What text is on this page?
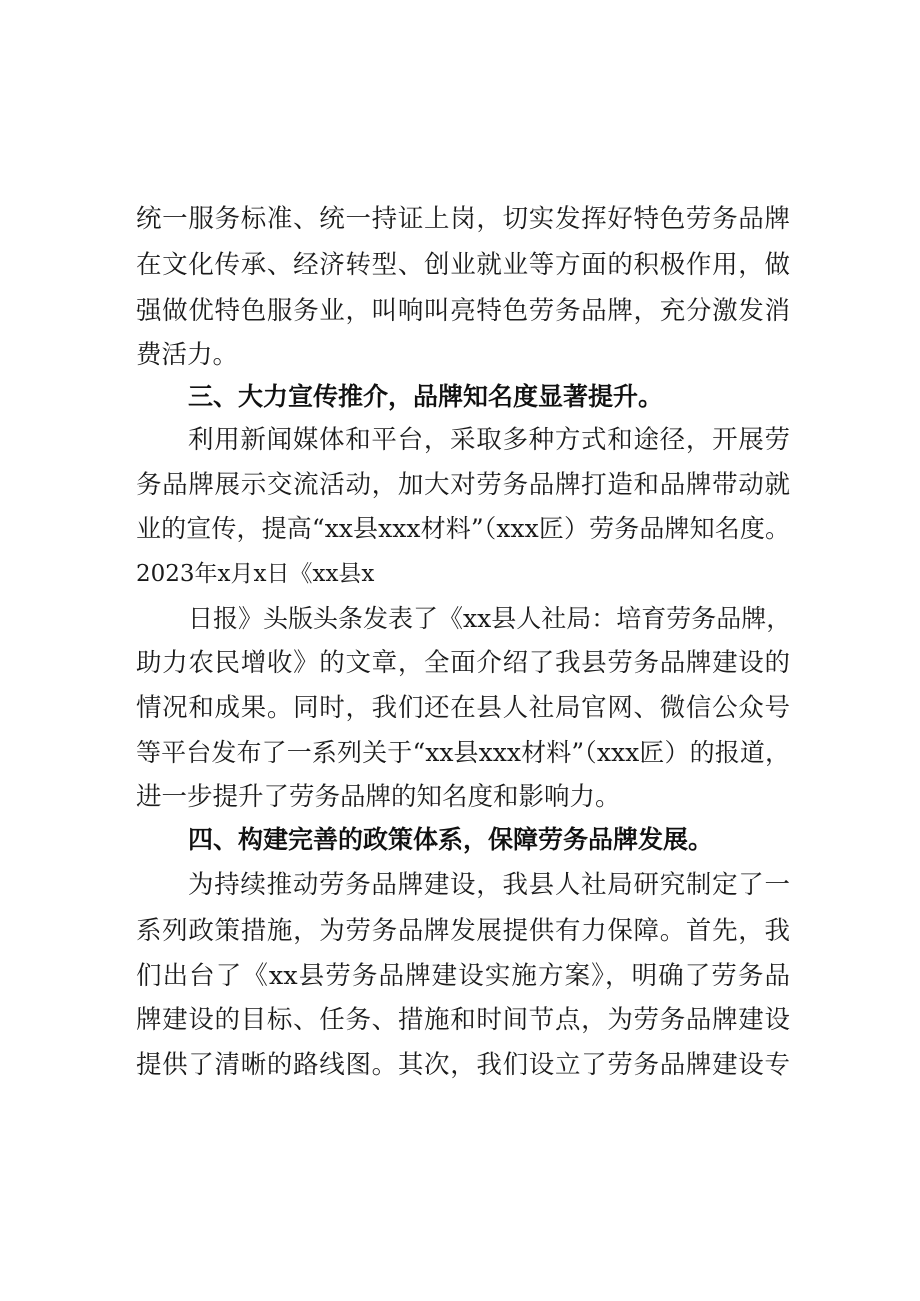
统一服务标准、统一持证上岗，切实发挥好特色劳务品牌
在文化传承、经济转型、创业就业等方面的积极作用，做
强做优特色服务业，叫响叫亮特色劳务品牌，充分激发消
费活力。
三、大力宣传推介，品牌知名度显著提升。
利用新闻媒体和平台，采取多种方式和途径，开展劳
务品牌展示交流活动，加大对劳务品牌打造和品牌带动就
业的宣传，提高“xx县xxx材料”（xxx匠）劳务品牌知名度。
2023年x月x日《xx县x
日报》头版头条发表了《xx县人社局：培育劳务品牌，
助力农民增收》的文章，全面介绍了我县劳务品牌建设的
情况和成果。同时，我们还在县人社局官网、微信公众号
等平台发布了一系列关于“xx县xxx材料”（xxx匠）的报道，
进一步提升了劳务品牌的知名度和影响力。
四、构建完善的政策体系，保障劳务品牌发展。
为持续推动劳务品牌建设，我县人社局研究制定了一
系列政策措施，为劳务品牌发展提供有力保障。首先，我
们出台了《xx县劳务品牌建设实施方案》，明确了劳务品
牌建设的目标、任务、措施和时间节点，为劳务品牌建设
提供了清晰的路线图。其次，我们设立了劳务品牌建设专
